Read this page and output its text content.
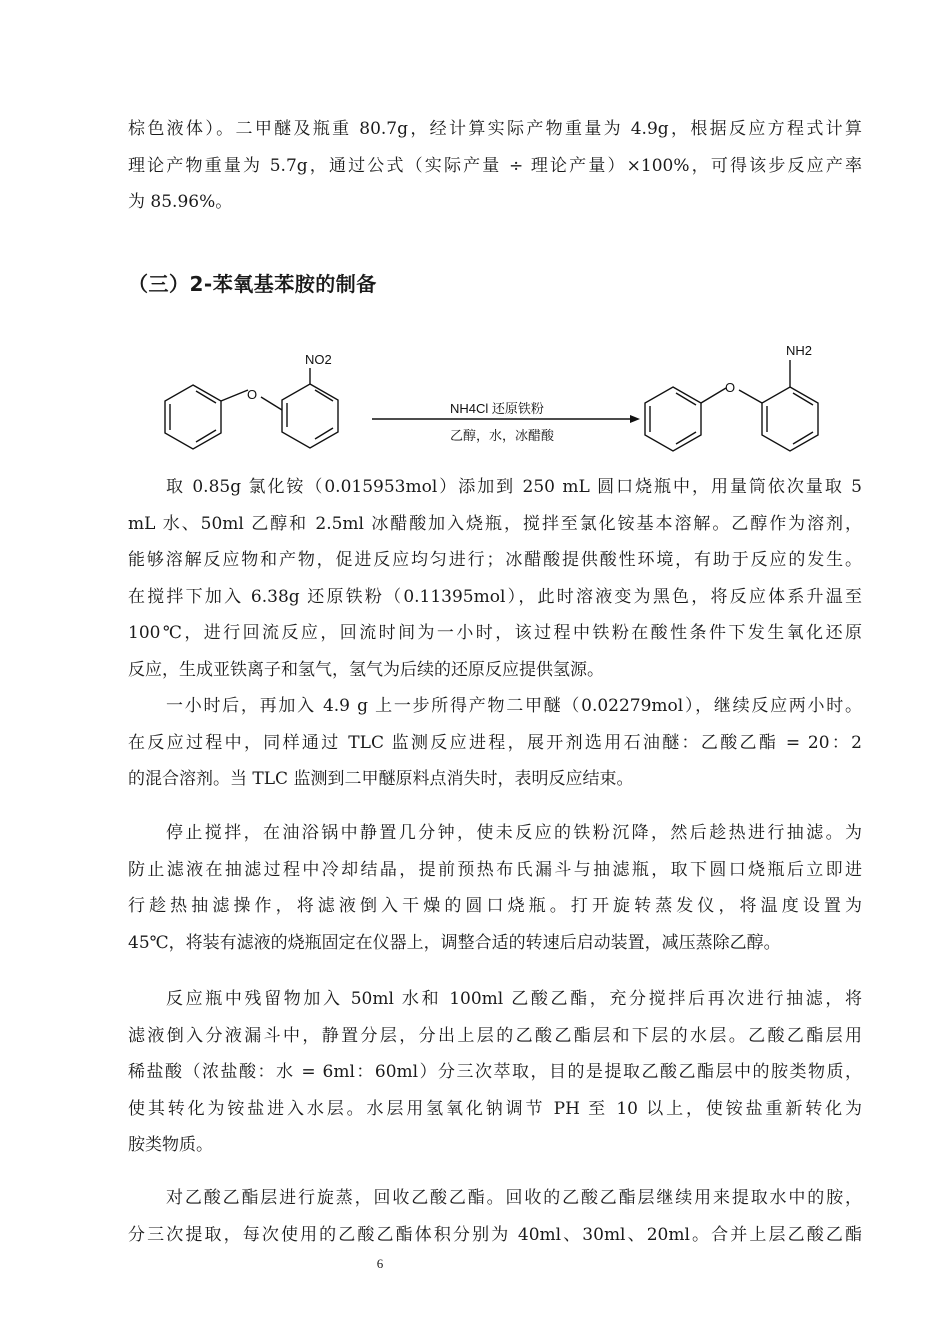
棕色液体）。二甲醚及瓶重 80.7g，经计算实际产物重量为 4.9g，根据反应方程式计算
理论产物重量为 5.7g，通过公式（实际产量 ÷ 理论产量）×100%，可得该步反应产率
为 85.96%。
（三）2-苯氧基苯胺的制备
O
NO2
NH4Cl 还原铁粉
乙醇，水，冰醋酸
O
NH2
取 0.85g 氯化铵（0.015953mol）添加到 250 mL 圆口烧瓶中，用量筒依次量取 5
mL 水、50ml 乙醇和 2.5ml 冰醋酸加入烧瓶，搅拌至氯化铵基本溶解。乙醇作为溶剂，
能够溶解反应物和产物，促进反应均匀进行；冰醋酸提供酸性环境，有助于反应的发生。
在搅拌下加入 6.38g 还原铁粉（0.11395mol），此时溶液变为黑色，将反应体系升温至
100℃，进行回流反应，回流时间为一小时，该过程中铁粉在酸性条件下发生氧化还原
反应，生成亚铁离子和氢气，氢气为后续的还原反应提供氢源。
一小时后，再加入 4.9 g 上一步所得产物二甲醚（0.02279mol），继续反应两小时。
在反应过程中，同样通过 TLC 监测反应进程，展开剂选用石油醚：乙酸乙酯 = 20：2
的混合溶剂。当 TLC 监测到二甲醚原料点消失时，表明反应结束。
停止搅拌，在油浴锅中静置几分钟，使未反应的铁粉沉降，然后趁热进行抽滤。为
防止滤液在抽滤过程中冷却结晶，提前预热布氏漏斗与抽滤瓶，取下圆口烧瓶后立即进
行趁热抽滤操作，将滤液倒入干燥的圆口烧瓶。打开旋转蒸发仪，将温度设置为
45℃，将装有滤液的烧瓶固定在仪器上，调整合适的转速后启动装置，减压蒸除乙醇。
反应瓶中残留物加入 50ml 水和 100ml 乙酸乙酯，充分搅拌后再次进行抽滤，将
滤液倒入分液漏斗中，静置分层，分出上层的乙酸乙酯层和下层的水层。乙酸乙酯层用
稀盐酸（浓盐酸：水 = 6ml：60ml）分三次萃取，目的是提取乙酸乙酯层中的胺类物质，
使其转化为铵盐进入水层。水层用氢氧化钠调节 PH 至 10 以上，使铵盐重新转化为
胺类物质。
对乙酸乙酯层进行旋蒸，回收乙酸乙酯。回收的乙酸乙酯层继续用来提取水中的胺，
分三次提取，每次使用的乙酸乙酯体积分别为 40ml、30ml、20ml。合并上层乙酸乙酯
6
